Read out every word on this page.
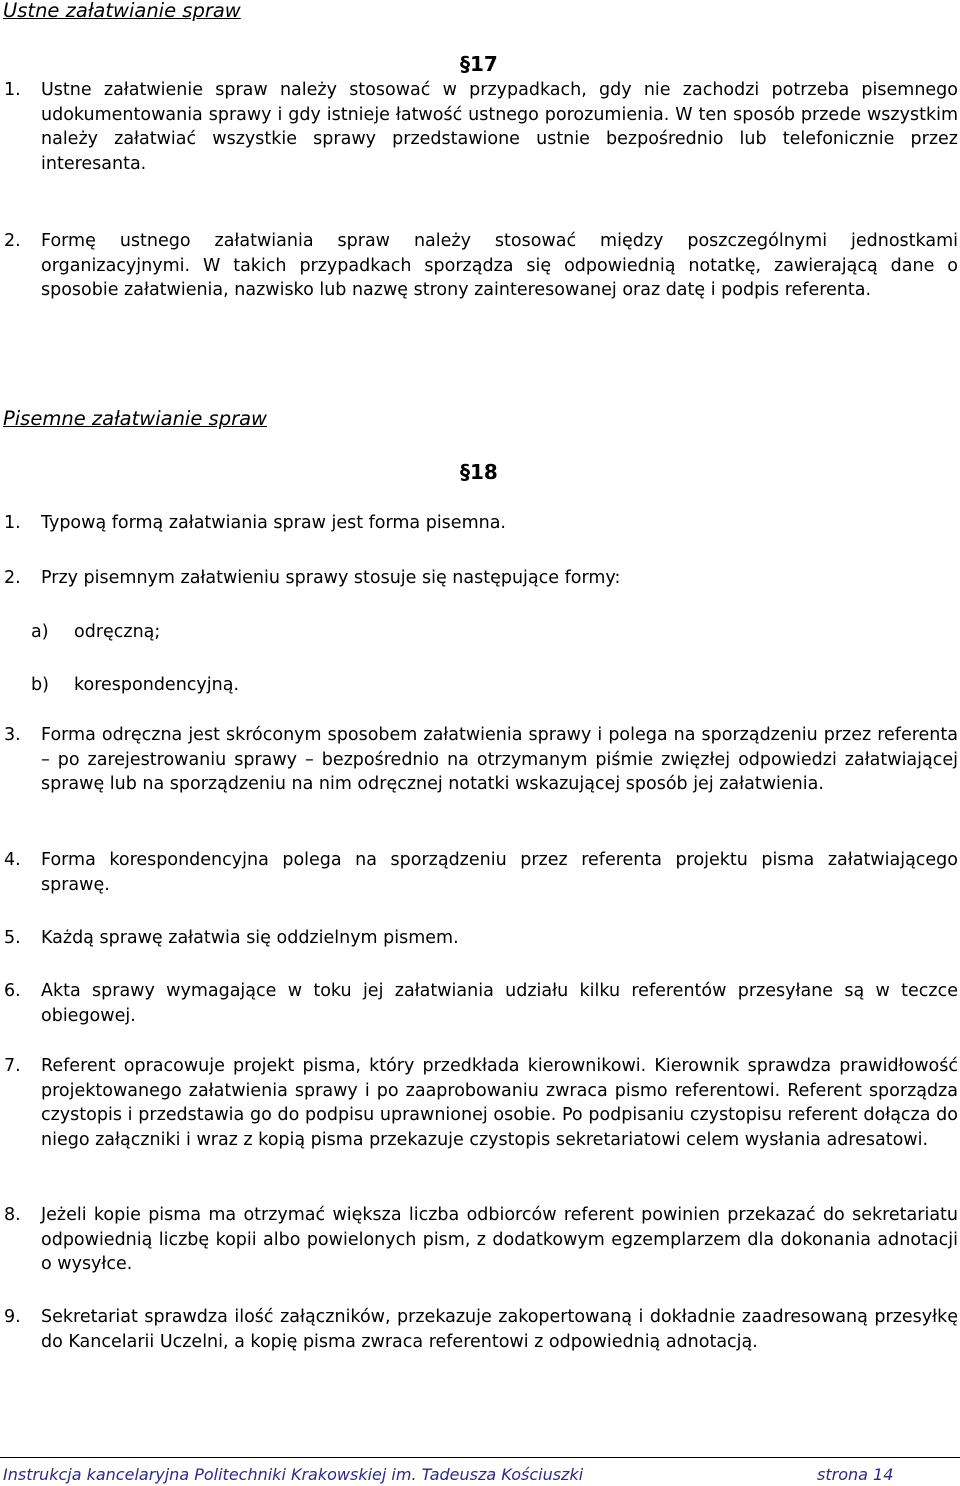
Ustne załatwianie spraw
§17
1. Ustne załatwienie spraw należy stosować w przypadkach, gdy nie zachodzi potrzeba pisemnego udokumentowania sprawy i gdy istnieje łatwość ustnego porozumienia. W ten sposób przede wszystkim należy załatwiać wszystkie sprawy przedstawione ustnie bezpośrednio lub telefonicznie przez interesanta.
2. Formę ustnego załatwiania spraw należy stosować między poszczególnymi jednostkami organizacyjnymi. W takich przypadkach sporządza się odpowiednią notatkę, zawierającą dane o sposobie załatwienia, nazwisko lub nazwę strony zainteresowanej oraz datę i podpis referenta.
Pisemne załatwianie spraw
§18
1. Typową formą załatwiania spraw jest forma pisemna.
2. Przy pisemnym załatwieniu sprawy stosuje się następujące formy:
a) odręczną;
b) korespondencyjną.
3. Forma odręczna jest skróconym sposobem załatwienia sprawy i polega na sporządzeniu przez referenta – po zarejestrowaniu sprawy – bezpośrednio na otrzymanym piśmie zwięzłej odpowiedzi załatwiającej sprawę lub na sporządzeniu na nim odręcznej notatki wskazującej sposób jej załatwienia.
4. Forma korespondencyjna polega na sporządzeniu przez referenta projektu pisma załatwiającego sprawę.
5. Każdą sprawę załatwia się oddzielnym pismem.
6. Akta sprawy wymagające w toku jej załatwiania udziału kilku referentów przesyłane są w teczce obiegowej.
7. Referent opracowuje projekt pisma, który przedkłada kierownikowi. Kierownik sprawdza prawidłowość projektowanego załatwienia sprawy i po zaaprobowaniu zwraca pismo referentowi. Referent sporządza czystopis i przedstawia go do podpisu uprawnionej osobie. Po podpisaniu czystopisu referent dołącza do niego załączniki i wraz z kopią pisma przekazuje czystopis sekretariatowi celem wysłania adresatowi.
8. Jeżeli kopie pisma ma otrzymać większa liczba odbiorców referent powinien przekazać do sekretariatu odpowiednią liczbę kopii albo powielonych pism, z dodatkowym egzemplarzem dla dokonania adnotacji o wysyłce.
9. Sekretariat sprawdza ilość załączników, przekazuje zakopertowaną i dokładnie zaadresowaną przesyłkę do Kancelarii Uczelni, a kopię pisma zwraca referentowi z odpowiednią adnotacją.
Instrukcja kancelaryjna Politechniki Krakowskiej im. Tadeusza Kościuszki	strona 14
